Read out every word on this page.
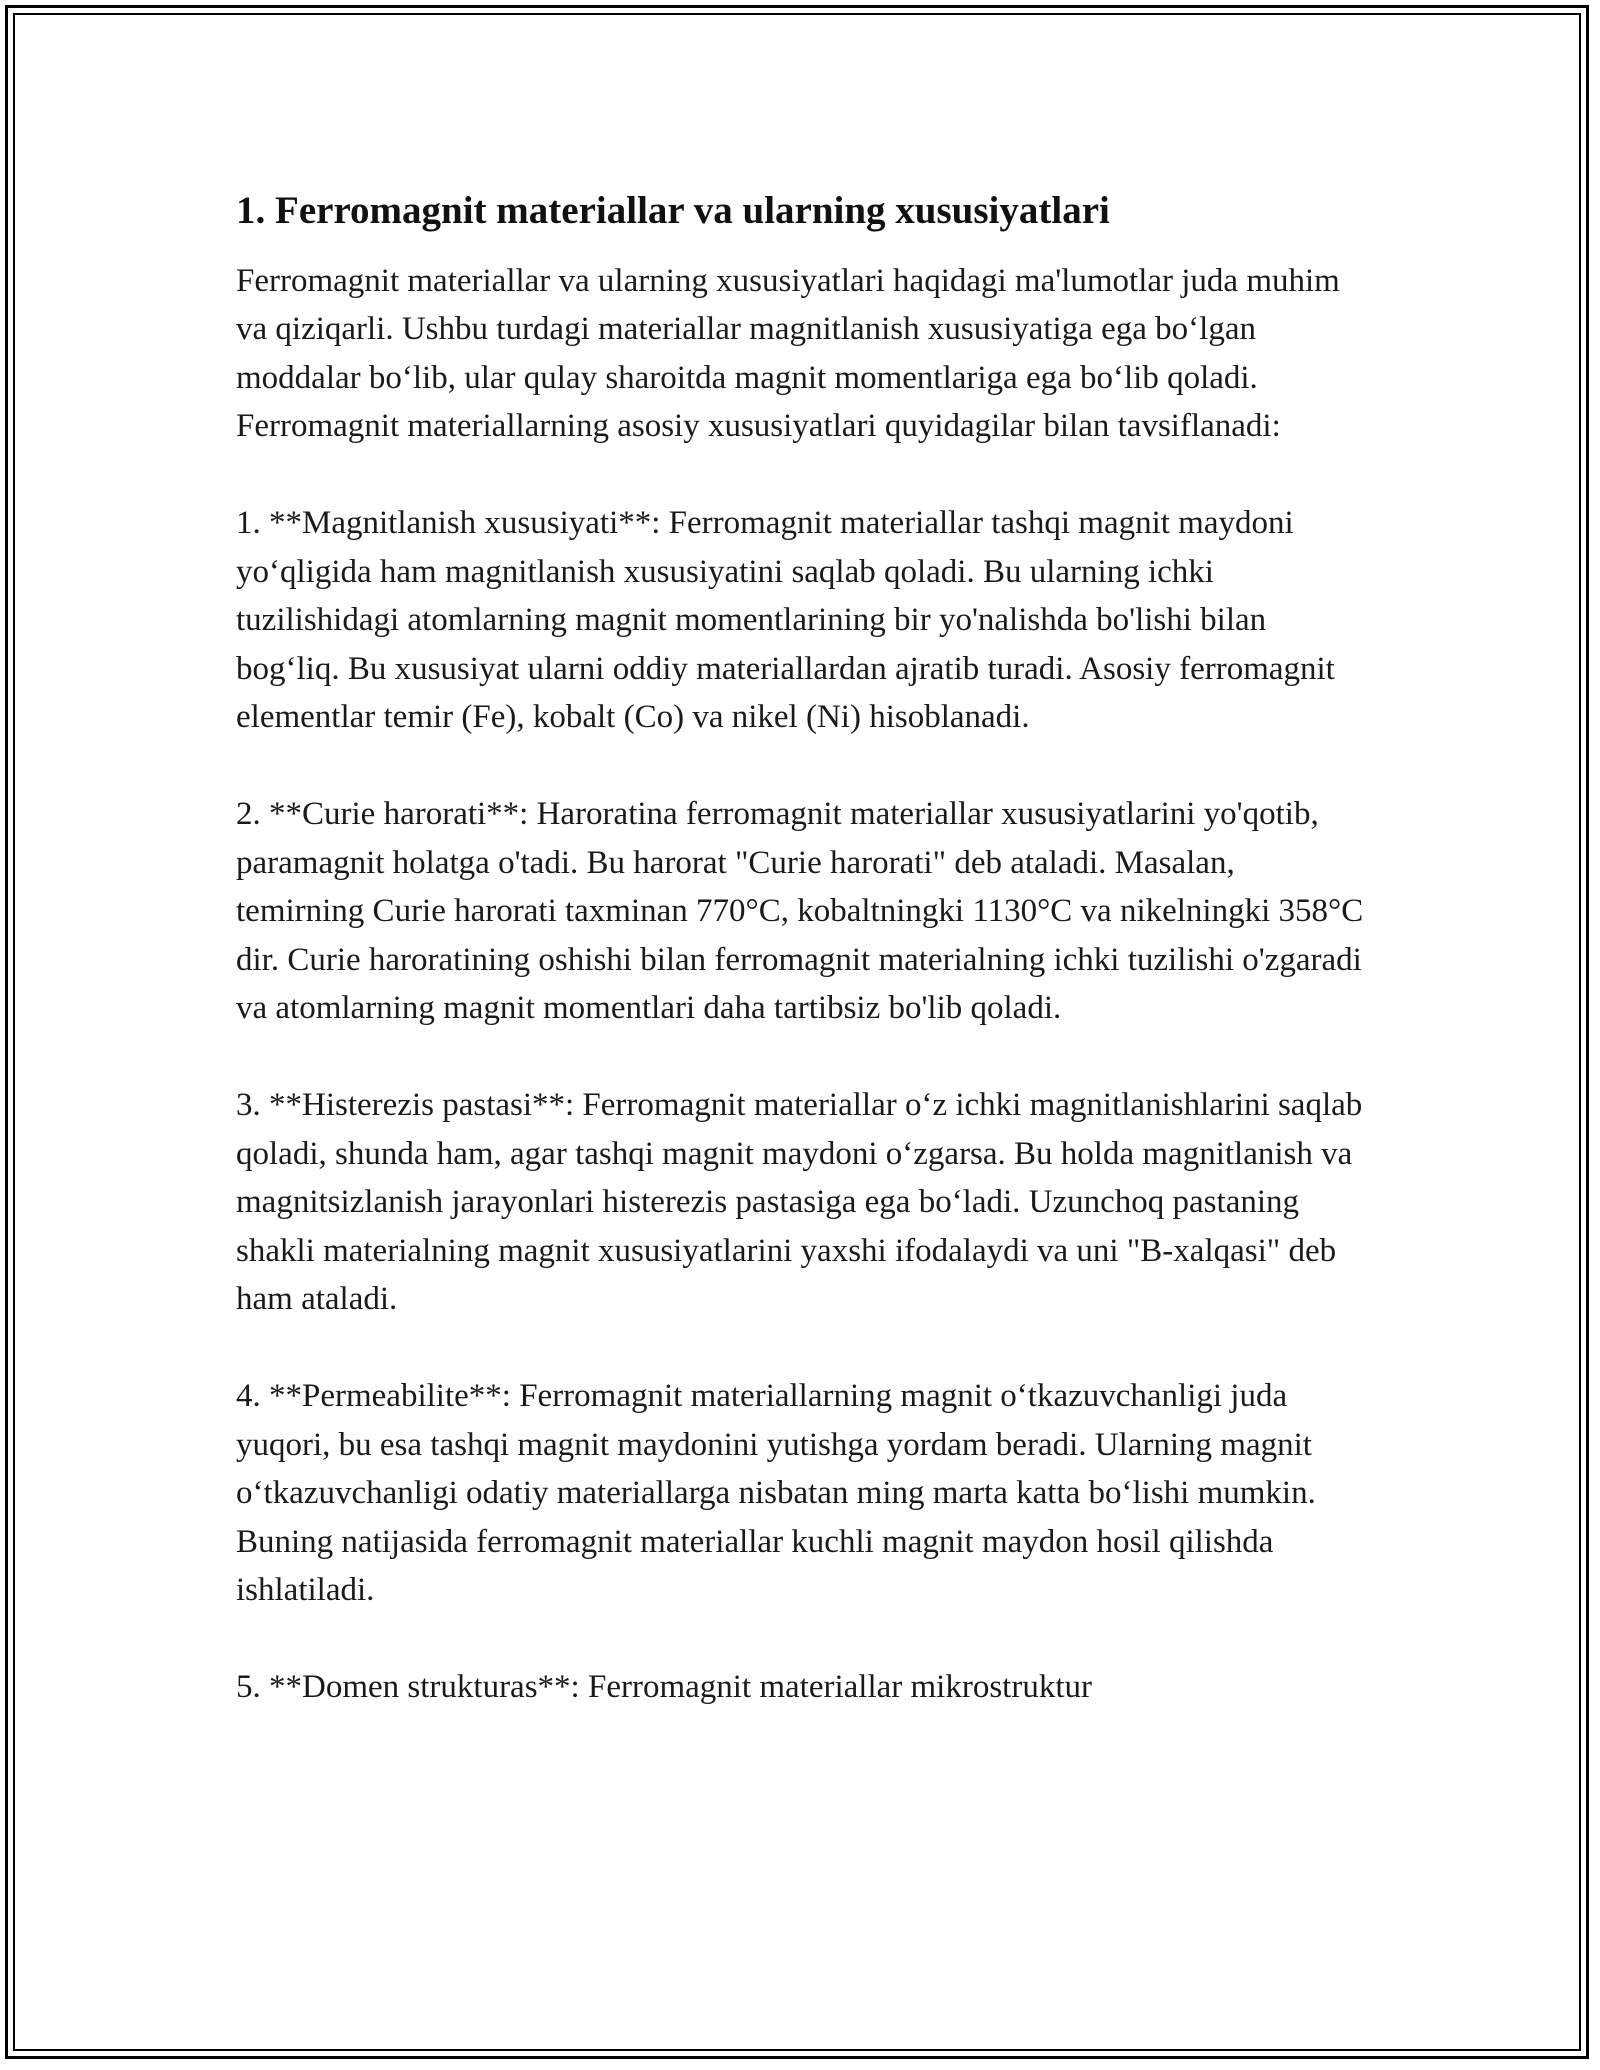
1. Ferromagnit materiallar va ularning xususiyatlari

Ferromagnit materiallar va ularning xususiyatlari haqidagi ma'lumotlar juda muhim va qiziqarli. Ushbu turdagi materiallar magnitlanish xususiyatiga ega bo‘lgan moddalar bo‘lib, ular qulay sharoitda magnit momentlariga ega bo‘lib qoladi. Ferromagnit materiallarning asosiy xususiyatlari quyidagilar bilan tavsiflanadi:

1. **Magnitlanish xususiyati**: Ferromagnit materiallar tashqi magnit maydoni yo‘qligida ham magnitlanish xususiyatini saqlab qoladi. Bu ularning ichki tuzilishidagi atomlarning magnit momentlarining bir yo'nalishda bo'lishi bilan bog‘liq. Bu xususiyat ularni oddiy materiallardan ajratib turadi. Asosiy ferromagnit elementlar temir (Fe), kobalt (Co) va nikel (Ni) hisoblanadi.

2. **Curie harorati**: Haroratina ferromagnit materiallar xususiyatlarini yo'qotib, paramagnit holatga o'tadi. Bu harorat "Curie harorati" deb ataladi. Masalan, temirning Curie harorati taxminan 770°C, kobaltningki 1130°C va nikelningki 358°C dir. Curie haroratining oshishi bilan ferromagnit materialning ichki tuzilishi o'zgaradi va atomlarning magnit momentlari daha tartibsiz bo'lib qoladi.

3. **Histerezis pastasi**: Ferromagnit materiallar o‘z ichki magnitlanishlarini saqlab qoladi, shunda ham, agar tashqi magnit maydoni o‘zgarsa. Bu holda magnitlanish va magnitsizlanish jarayonlari histerezis pastasiga ega bo‘ladi. Uzunchoq pastaning shakli materialning magnit xususiyatlarini yaxshi ifodalaydi va uni "B-xalqasi" deb ham ataladi.

4. **Permeabilite**: Ferromagnit materiallarning magnit o‘tkazuvchanligi juda yuqori, bu esa tashqi magnit maydonini yutishga yordam beradi. Ularning magnit o‘tkazuvchanligi odatiy materiallarga nisbatan ming marta katta bo‘lishi mumkin. Buning natijasida ferromagnit materiallar kuchli magnit maydon hosil qilishda ishlatiladi.

5. **Domen strukturas**: Ferromagnit materiallar mikrostruktur
